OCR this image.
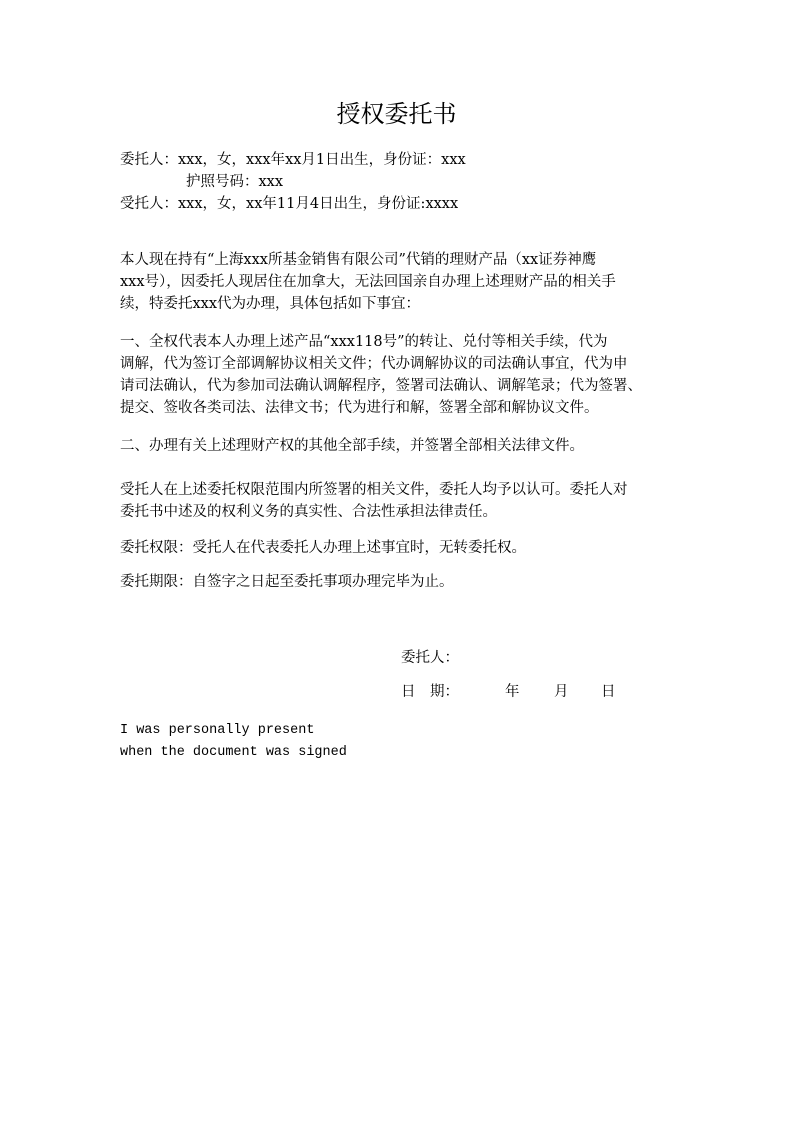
授权委托书
委托人：xxx，女，xxx年xx月1日出生，身份证：xxx
护照号码：xxx
受托人：xxx，女，xx年11月4日出生，身份证:xxxx
本人现在持有“上海xxx所基金销售有限公司”代销的理财产品（xx证券神鹰
xxx号），因委托人现居住在加拿大，无法回国亲自办理上述理财产品的相关手
续，特委托xxx代为办理，具体包括如下事宜：
一、全权代表本人办理上述产品“xxx118号”的转让、兑付等相关手续，代为
调解，代为签订全部调解协议相关文件；代办调解协议的司法确认事宜，代为申
请司法确认，代为参加司法确认调解程序，签署司法确认、调解笔录；代为签署、
提交、签收各类司法、法律文书；代为进行和解，签署全部和解协议文件。
二、办理有关上述理财产权的其他全部手续，并签署全部相关法律文件。
受托人在上述委托权限范围内所签署的相关文件，委托人均予以认可。委托人对
委托书中述及的权利义务的真实性、合法性承担法律责任。
委托权限：受托人在代表委托人办理上述事宜时，无转委托权。
委托期限：自签字之日起至委托事项办理完毕为止。
委托人：
日　期：	年 月 日
I was personally present
when the document was signed
